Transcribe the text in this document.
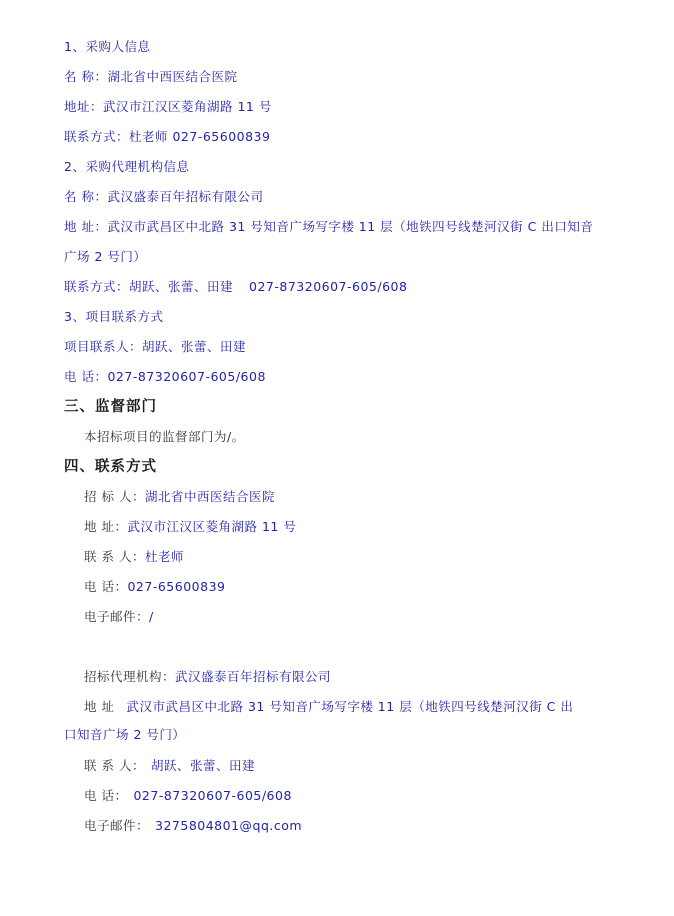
1、采购人信息
名 称：湖北省中西医结合医院
地址：武汉市江汉区菱角湖路 11 号
联系方式：杜老师 027-65600839
2、采购代理机构信息
名 称：武汉盛泰百年招标有限公司
地 址：武汉市武昌区中北路 31 号知音广场写字楼 11 层（地铁四号线楚河汉街 C 出口知音
广场 2 号门）
联系方式：胡跃、张蕾、田建 027-87320607-605/608
3、项目联系方式
项目联系人：胡跃、张蕾、田建
电 话：027-87320607-605/608
三、监督部门
本招标项目的监督部门为/。
四、联系方式
招 标 人：湖北省中西医结合医院
地 址：武汉市江汉区菱角湖路 11 号
联 系 人：杜老师
电 话：027-65600839
电子邮件：/
招标代理机构：武汉盛泰百年招标有限公司
地 址 武汉市武昌区中北路 31 号知音广场写字楼 11 层（地铁四号线楚河汉街 C 出
口知音广场 2 号门）
联 系 人： 胡跃、张蕾、田建
电 话： 027-87320607-605/608
电子邮件： 3275804801@qq.com
